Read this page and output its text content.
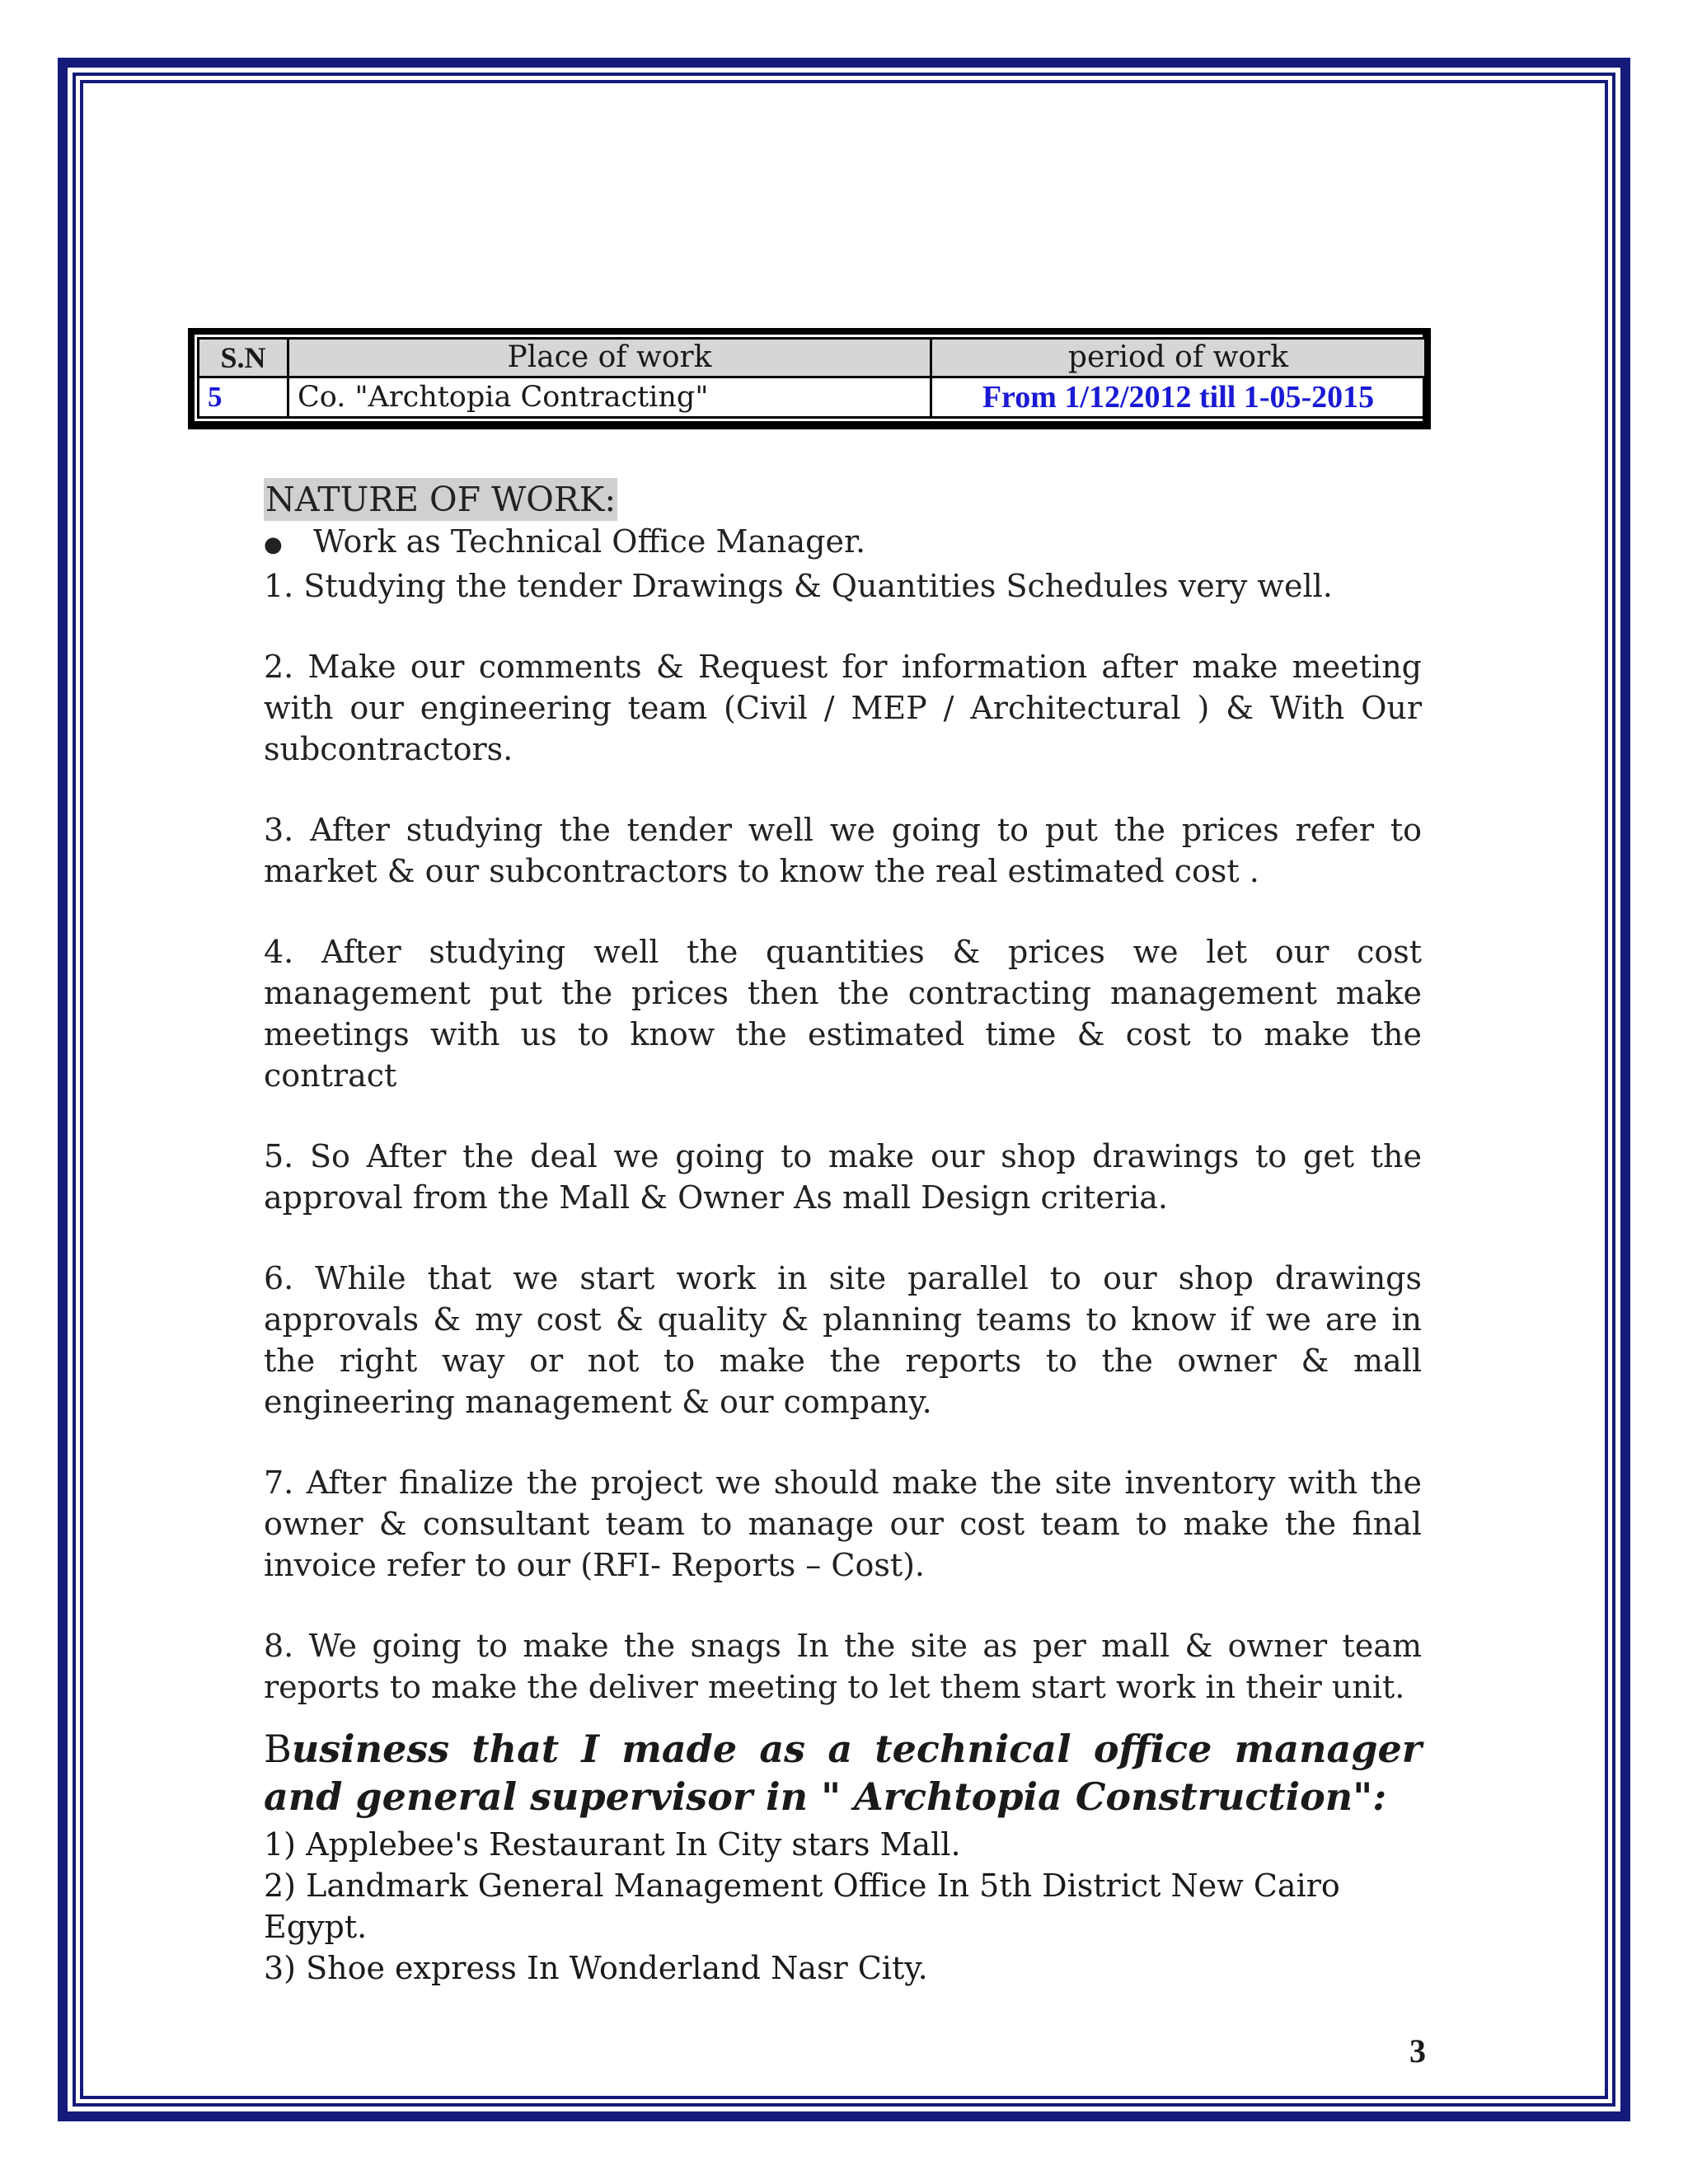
S.N	Place of work	period of work
5	Co. "Archtopia Contracting"	From 1/12/2012 till 1-05-2015

NATURE OF WORK:

● Work as Technical Office Manager.

1. Studying the tender Drawings & Quantities Schedules very well.

2. Make our comments & Request for information after make meeting with our engineering team (Civil / MEP / Architectural ) & With Our subcontractors.

3. After studying the tender well we going to put the prices refer to market & our subcontractors to know the real estimated cost .

4. After studying well the quantities & prices we let our cost management put the prices then the contracting management make meetings with us to know the estimated time & cost to make the contract

5. So After the deal we going to make our shop drawings to get the approval from the Mall & Owner As mall Design criteria.

6. While that we start work in site parallel to our shop drawings approvals & my cost & quality & planning teams to know if we are in the right way or not to make the reports to the owner & mall engineering management & our company.

7. After finalize the project we should make the site inventory with the owner & consultant team to manage our cost team to make the final invoice refer to our (RFI- Reports – Cost).

8. We going to make the snags In the site as per mall & owner team reports to make the deliver meeting to let them start work in their unit.

Business that I made as a technical office manager and general supervisor in " Archtopia Construction":

1) Applebee's Restaurant In City stars Mall.
2) Landmark General Management Office In 5th District New Cairo Egypt.
3) Shoe express In Wonderland Nasr City.
3
